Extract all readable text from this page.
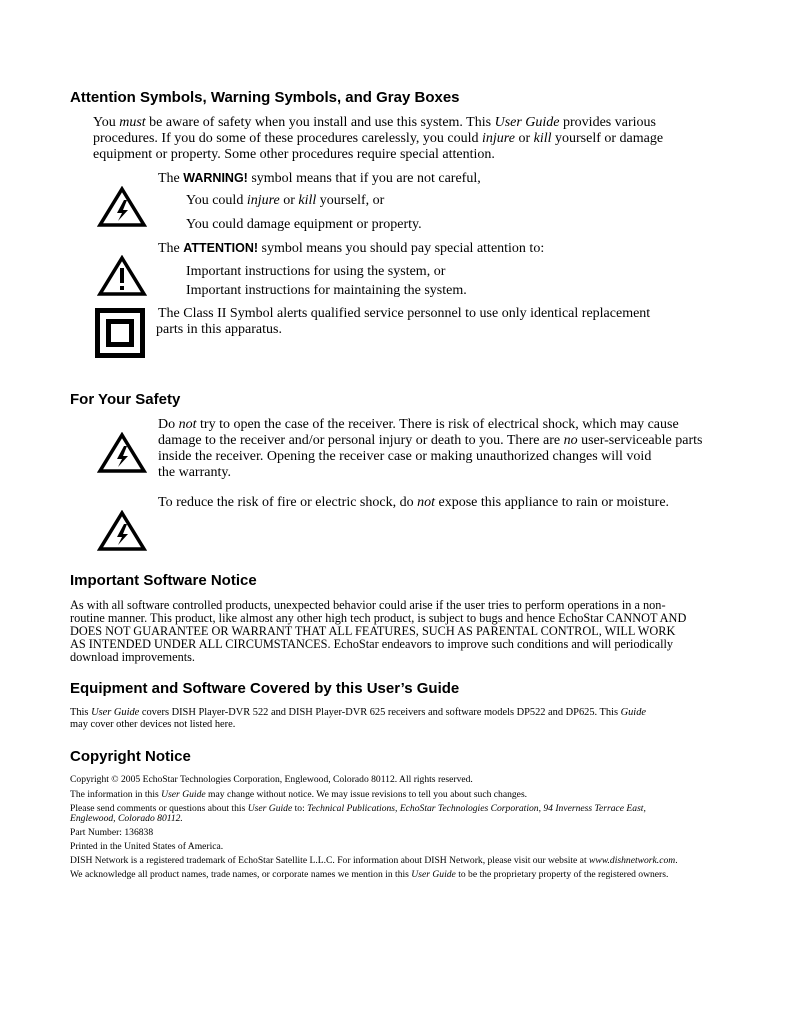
Attention Symbols, Warning Symbols, and Gray Boxes
You must be aware of safety when you install and use this system. This User Guide provides various
procedures. If you do some of these procedures carelessly, you could injure or kill yourself or damage
equipment or property. Some other procedures require special attention.
The WARNING! symbol means that if you are not careful,
You could injure or kill yourself, or
You could damage equipment or property.
The ATTENTION! symbol means you should pay special attention to:
Important instructions for using the system, or
Important instructions for maintaining the system.
The Class II Symbol alerts qualified service personnel to use only identical replacement
parts in this apparatus.
For Your Safety
Do not try to open the case of the receiver. There is risk of electrical shock, which may cause
damage to the receiver and/or personal injury or death to you. There are no user-serviceable parts
inside the receiver. Opening the receiver case or making unauthorized changes will void
the warranty.
To reduce the risk of fire or electric shock, do not expose this appliance to rain or moisture.
Important Software Notice
As with all software controlled products, unexpected behavior could arise if the user tries to perform operations in a non-
routine manner. This product, like almost any other high tech product, is subject to bugs and hence EchoStar CANNOT AND
DOES NOT GUARANTEE OR WARRANT THAT ALL FEATURES, SUCH AS PARENTAL CONTROL, WILL WORK
AS INTENDED UNDER ALL CIRCUMSTANCES. EchoStar endeavors to improve such conditions and will periodically
download improvements.
Equipment and Software Covered by this User’s Guide
This User Guide covers DISH Player-DVR 522 and DISH Player-DVR 625 receivers and software models DP522 and DP625. This Guide
may cover other devices not listed here.
Copyright Notice
Copyright © 2005 EchoStar Technologies Corporation, Englewood, Colorado 80112. All rights reserved.
The information in this User Guide may change without notice. We may issue revisions to tell you about such changes.
Please send comments or questions about this User Guide to: Technical Publications, EchoStar Technologies Corporation, 94 Inverness Terrace East,
Englewood, Colorado 80112.
Part Number: 136838
Printed in the United States of America.
DISH Network is a registered trademark of EchoStar Satellite L.L.C. For information about DISH Network, please visit our website at www.dishnetwork.com.
We acknowledge all product names, trade names, or corporate names we mention in this User Guide to be the proprietary property of the registered owners.
